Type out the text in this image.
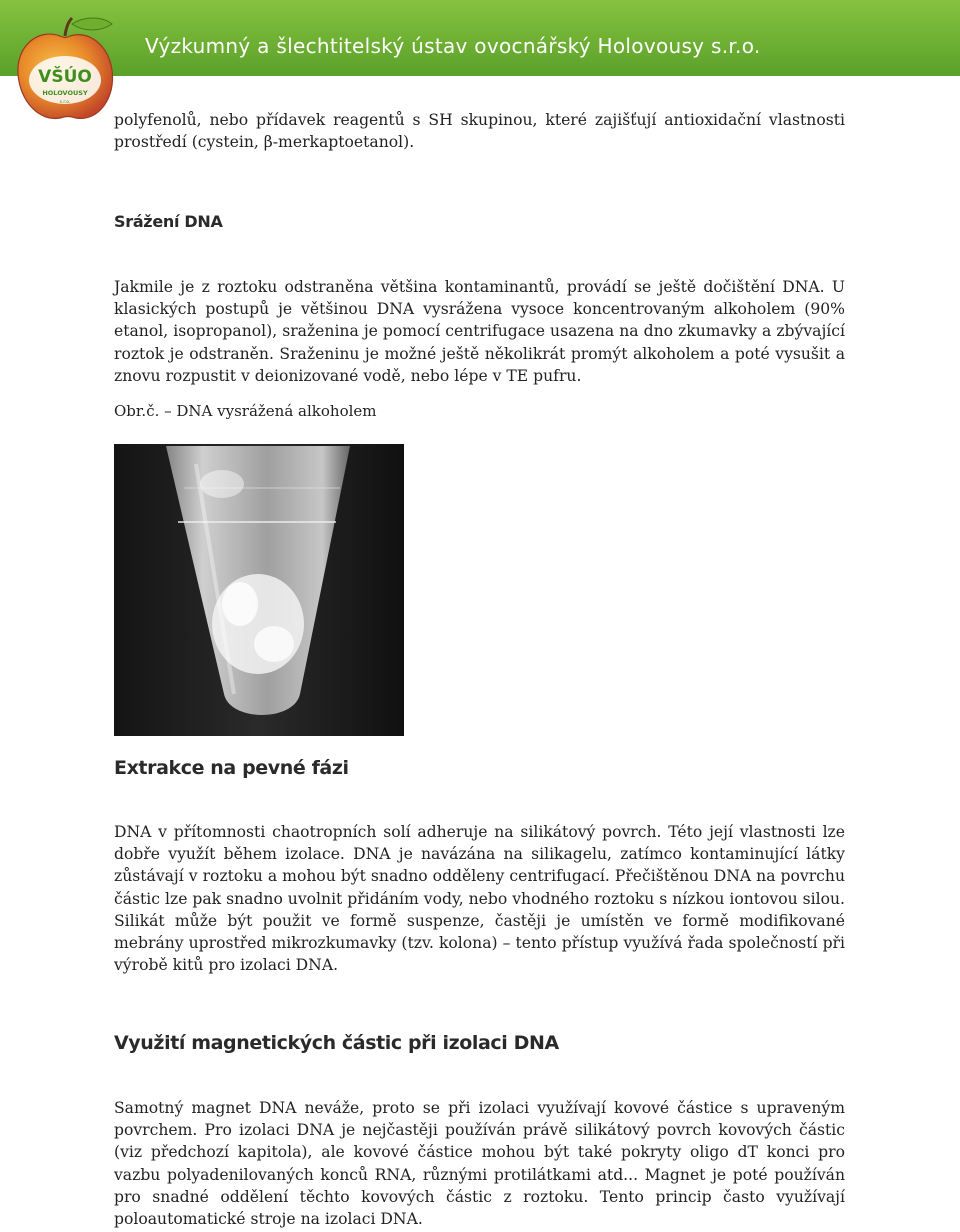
Výzkumný a šlechtitelský ústav ovocnářský Holovousy s.r.o.
VŠÚO
HOLOVOUSY
s.r.o.

polyfenolů, nebo přídavek reagentů s SH skupinou, které zajišťují antioxidační vlastnosti prostředí (cystein, β-merkaptoetanol).

Srážení DNA

Jakmile je z roztoku odstraněna většina kontaminantů, provádí se ještě dočištění DNA. U klasických postupů je většinou DNA vysrážena vysoce koncentrovaným alkoholem (90% etanol, isopropanol), sraženina je pomocí centrifugace usazena na dno zkumavky a zbývající roztok je odstraněn. Sraženinu je možné ještě několikrát promýt alkoholem a poté vysušit a znovu rozpustit v deionizované vodě, nebo lépe v TE pufru.

Obr.č. – DNA vysrážená alkoholem

Extrakce na pevné fázi

DNA v přítomnosti chaotropních solí adheruje na silikátový povrch. Této její vlastnosti lze dobře využít během izolace. DNA je navázána na silikagelu, zatímco kontaminující látky zůstávají v roztoku a mohou být snadno odděleny centrifugací. Přečištěnou DNA na povrchu částic lze pak snadno uvolnit přidáním vody, nebo vhodného roztoku s nízkou iontovou silou. Silikát může být použit ve formě suspenze, častěji je umístěn ve formě modifikované mebrány uprostřed mikrozkumavky (tzv. kolona) – tento přístup využívá řada společností při výrobě kitů pro izolaci DNA.

Využití magnetických částic při izolaci DNA

Samotný magnet DNA neváže, proto se při izolaci využívají kovové částice s upraveným povrchem. Pro izolaci DNA je nejčastěji používán právě silikátový povrch kovových částic (viz předchozí kapitola), ale kovové částice mohou být také pokryty oligo dT konci pro vazbu polyadenilovaných konců RNA, různými protilátkami atd... Magnet je poté používán pro snadné oddělení těchto kovových částic z roztoku. Tento princip často využívají poloautomatické stroje na izolaci DNA.
